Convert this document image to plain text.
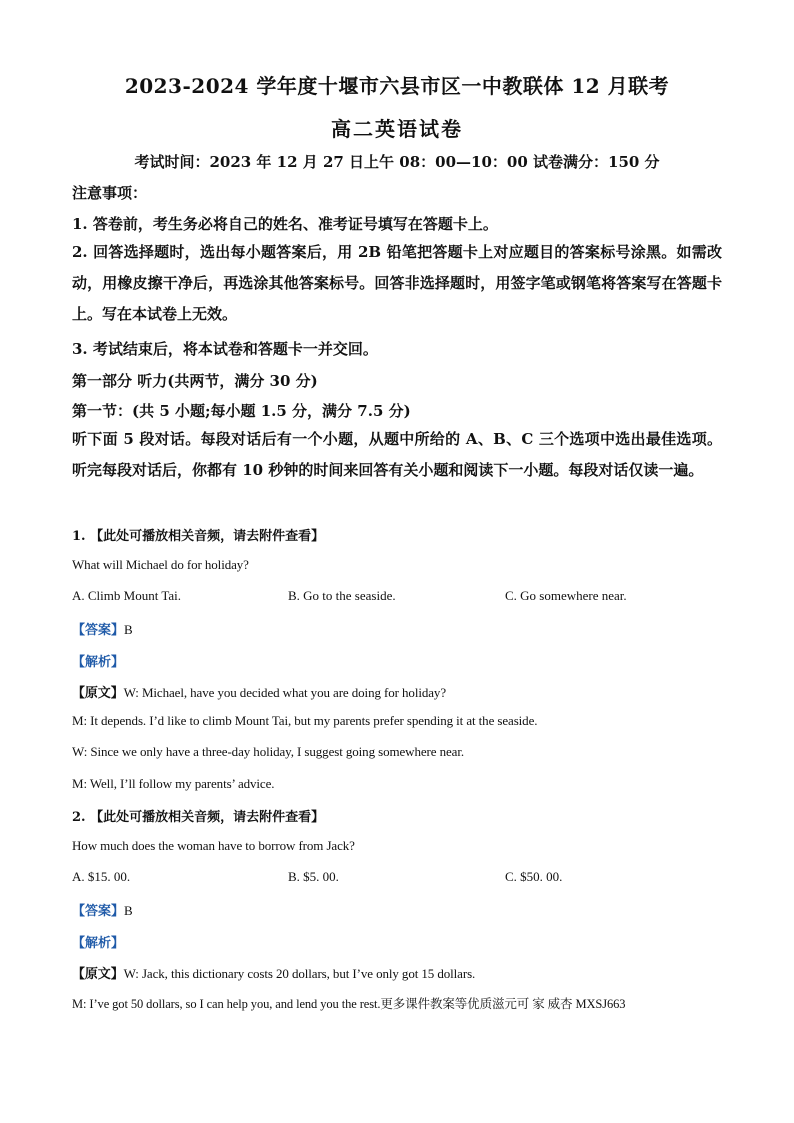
2023-2024 学年度十堰市六县市区一中教联体 12 月联考
高二英语试卷
考试时间：2023 年 12 月 27 日上午 08：00—10：00 试卷满分：150 分
注意事项：
1. 答卷前，考生务必将自己的姓名、准考证号填写在答题卡上。
2. 回答选择题时，选出每小题答案后，用 2B 铅笔把答题卡上对应题目的答案标号涂黑。如需改动，用橡皮擦干净后，再选涂其他答案标号。回答非选择题时，用签字笔或钢笔将答案写在答题卡上。写在本试卷上无效。
3. 考试结束后，将本试卷和答题卡一并交回。
第一部分 听力(共两节，满分 30 分)
第一节：(共 5 小题;每小题 1.5 分，满分 7.5 分)
听下面 5 段对话。每段对话后有一个小题，从题中所给的 A、B、C 三个选项中选出最佳选项。听完每段对话后，你都有 10 秒钟的时间来回答有关小题和阅读下一小题。每段对话仅读一遍。
1. 【此处可播放相关音频，请去附件查看】
What will Michael do for holiday?
A. Climb Mount Tai.	B. Go to the seaside.	C. Go somewhere near.
【答案】B
【解析】
【原文】W: Michael, have you decided what you are doing for holiday?
M: It depends. I’d like to climb Mount Tai, but my parents prefer spending it at the seaside.
W: Since we only have a three-day holiday, I suggest going somewhere near.
M: Well, I’ll follow my parents’ advice.
2. 【此处可播放相关音频，请去附件查看】
How much does the woman have to borrow from Jack?
A. $15. 00.	B. $5. 00.	C. $50. 00.
【答案】B
【解析】
【原文】W: Jack, this dictionary costs 20 dollars, but I’ve only got 15 dollars.
M: I’ve got 50 dollars, so I can help you, and lend you the rest.更多课件教案等优质滋元可 家 威杏 MXSJ663
